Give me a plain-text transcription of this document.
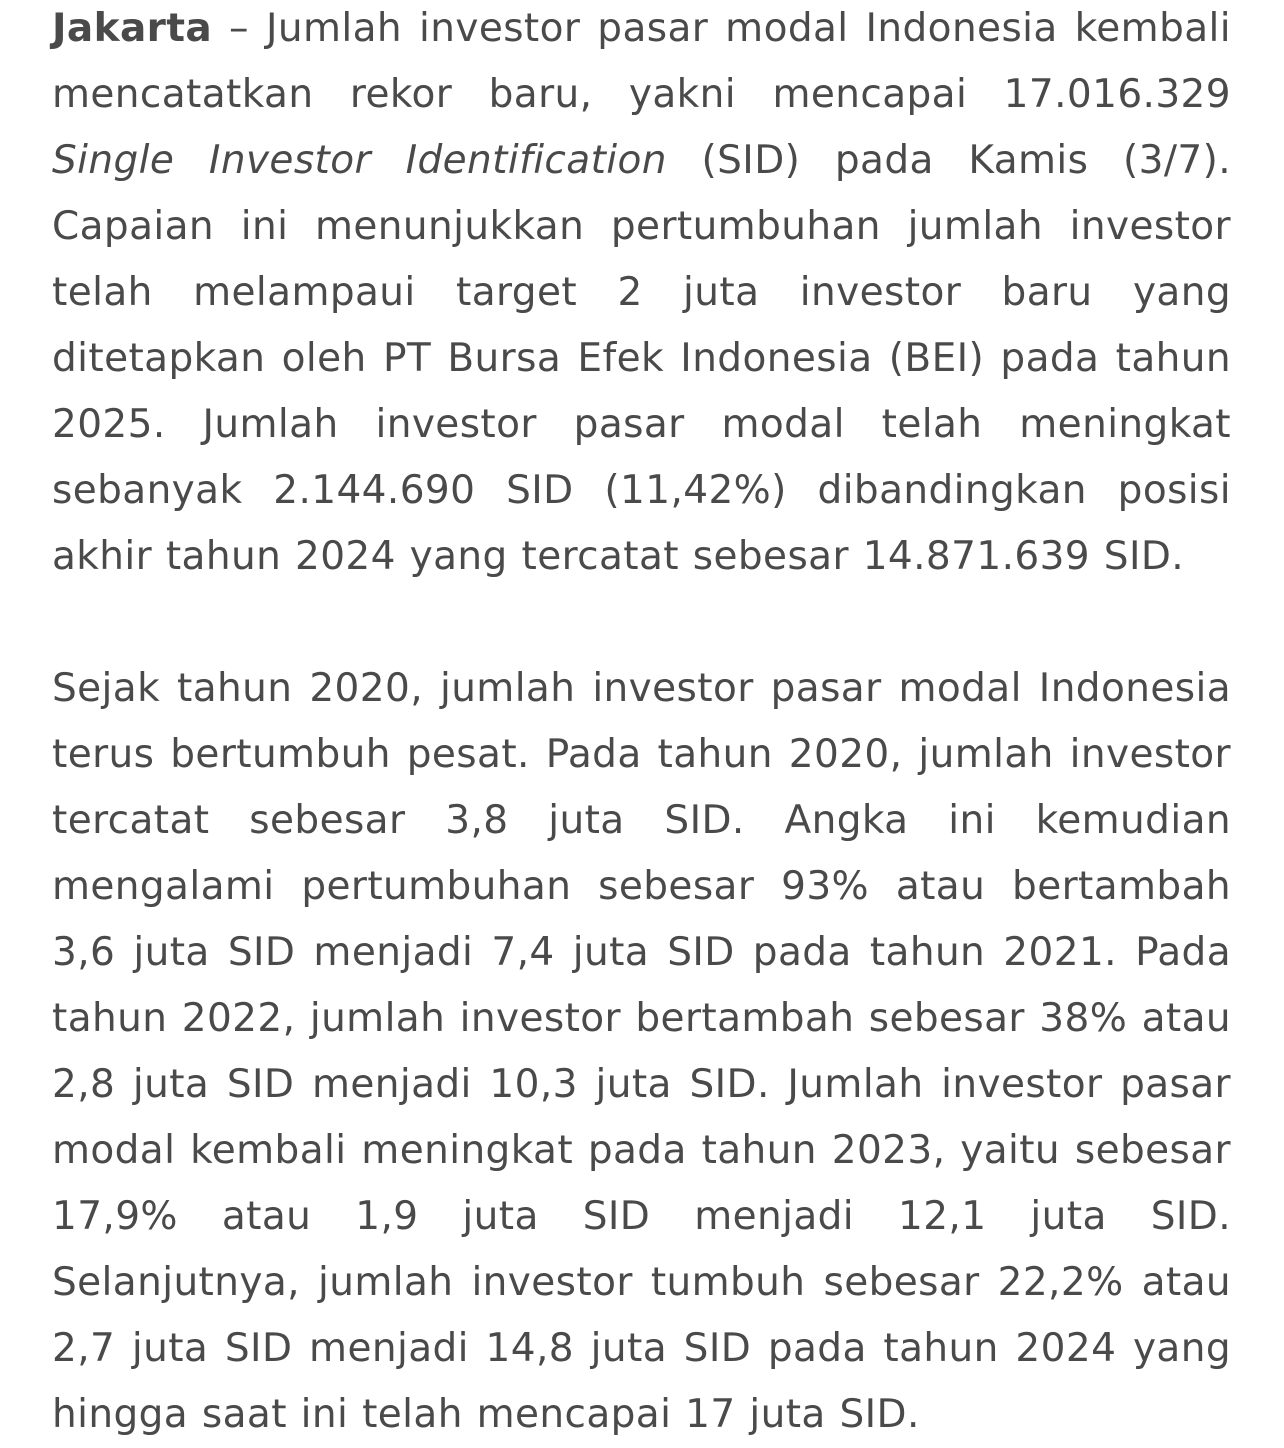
Jakarta – Jumlah investor pasar modal Indonesia kembali mencatatkan rekor baru, yakni mencapai 17.016.329 Single Investor Identification (SID) pada Kamis (3/7). Capaian ini menunjukkan pertumbuhan jumlah investor telah melampaui target 2 juta investor baru yang ditetapkan oleh PT Bursa Efek Indonesia (BEI) pada tahun 2025. Jumlah investor pasar modal telah meningkat sebanyak 2.144.690 SID (11,42%) dibandingkan posisi akhir tahun 2024 yang tercatat sebesar 14.871.639 SID.

Sejak tahun 2020, jumlah investor pasar modal Indonesia terus bertumbuh pesat. Pada tahun 2020, jumlah investor tercatat sebesar 3,8 juta SID. Angka ini kemudian mengalami pertumbuhan sebesar 93% atau bertambah 3,6 juta SID menjadi 7,4 juta SID pada tahun 2021. Pada tahun 2022, jumlah investor bertambah sebesar 38% atau 2,8 juta SID menjadi 10,3 juta SID. Jumlah investor pasar modal kembali meningkat pada tahun 2023, yaitu sebesar 17,9% atau 1,9 juta SID menjadi 12,1 juta SID. Selanjutnya, jumlah investor tumbuh sebesar 22,2% atau 2,7 juta SID menjadi 14,8 juta SID pada tahun 2024 yang hingga saat ini telah mencapai 17 juta SID.
